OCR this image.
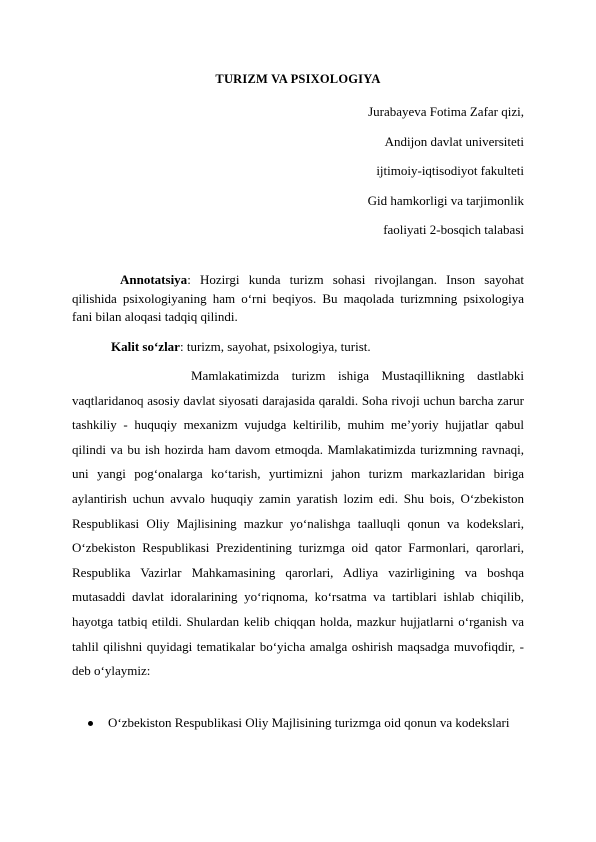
TURIZM VA PSIXOLOGIYA
Jurabayeva Fotima Zafar qizi,
Andijon davlat universiteti
ijtimoiy-iqtisodiyot fakulteti
Gid hamkorligi va tarjimonlik
faoliyati 2-bosqich talabasi

Annotatsiya: Hozirgi kunda turizm sohasi rivojlangan. Inson sayohat qilishida psixologiyaning ham o‘rni beqiyos. Bu maqolada turizmning psixologiya fani bilan aloqasi tadqiq qilindi.

Kalit so‘zlar: turizm, sayohat, psixologiya, turist.

Mamlakatimizda turizm ishiga Mustaqillikning dastlabki vaqtlaridanoq asosiy davlat siyosati darajasida qaraldi. Soha rivoji uchun barcha zarur tashkiliy - huquqiy mexanizm vujudga keltirilib, muhim me’yoriy hujjatlar qabul qilindi va bu ish hozirda ham davom etmoqda. Mamlakatimizda turizmning ravnaqi, uni yangi pog‘onalarga ko‘tarish, yurtimizni jahon turizm markazlaridan biriga aylantirish uchun avvalo huquqiy zamin yaratish lozim edi. Shu bois, O‘zbekiston Respublikasi Oliy Majlisining mazkur yo‘nalishga taalluqli qonun va kodekslari, O‘zbekiston Respublikasi Prezidentining turizmga oid qator Farmonlari, qarorlari, Respublika Vazirlar Mahkamasining qarorlari, Adliya vazirligining va boshqa mutasaddi davlat idoralarining yo‘riqnoma, ko‘rsatma va tartiblari ishlab chiqilib, hayotga tatbiq etildi. Shulardan kelib chiqqan holda, mazkur hujjatlarni o‘rganish va tahlil qilishni quyidagi tematikalar bo‘yicha amalga oshirish maqsadga muvofiqdir, - deb o‘ylaymiz:

O‘zbekiston Respublikasi Oliy Majlisining turizmga oid qonun va kodekslari
